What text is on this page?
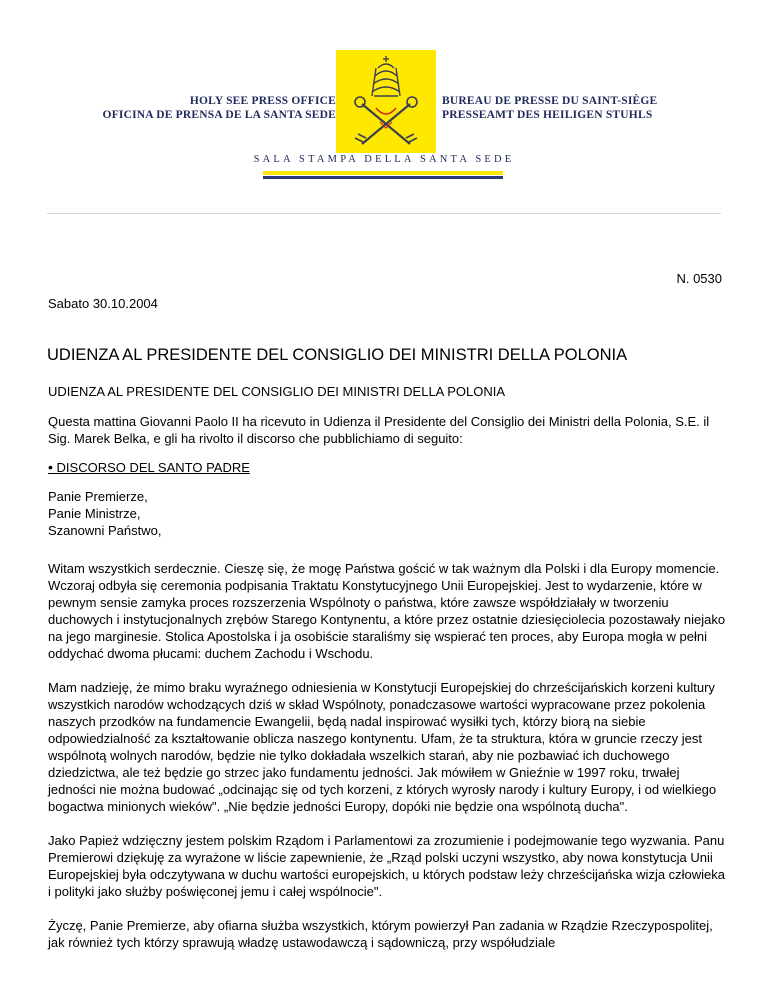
HOLY SEE PRESS OFFICE
OFICINA DE PRENSA DE LA SANTA SEDE
BUREAU DE PRESSE DU SAINT-SIÈGE
PRESSEAMT DES HEILIGEN STUHLS
SALA STAMPA DELLA SANTA SEDE
N. 0530
Sabato 30.10.2004
UDIENZA AL PRESIDENTE DEL CONSIGLIO DEI MINISTRI DELLA POLONIA

UDIENZA AL PRESIDENTE DEL CONSIGLIO DEI MINISTRI DELLA POLONIA

Questa mattina Giovanni Paolo II ha ricevuto in Udienza il Presidente del Consiglio dei Ministri della Polonia, S.E. il Sig. Marek Belka, e gli ha rivolto il discorso che pubblichiamo di seguito:

• DISCORSO DEL SANTO PADRE

Panie Premierze,
Panie Ministrze,
Szanowni Państwo,

Witam wszystkich serdecznie. Cieszę się, że mogę Państwa gościć w tak ważnym dla Polski i dla Europy momencie. Wczoraj odbyła się ceremonia podpisania Traktatu Konstytucyjnego Unii Europejskiej. Jest to wydarzenie, które w pewnym sensie zamyka proces rozszerzenia Wspólnoty o państwa, które zawsze współdziałały w tworzeniu duchowych i instytucjonalnych zrębów Starego Kontynentu, a które przez ostatnie dziesięciolecia pozostawały niejako na jego marginesie. Stolica Apostolska i ja osobiście staraliśmy się wspierać ten proces, aby Europa mogła w pełni oddychać dwoma płucami: duchem Zachodu i Wschodu.

Mam nadzieję, że mimo braku wyraźnego odniesienia w Konstytucji Europejskiej do chrześcijańskich korzeni kultury wszystkich narodów wchodzących dziś w skład Wspólnoty, ponadczasowe wartości wypracowane przez pokolenia naszych przodków na fundamencie Ewangelii, będą nadal inspirować wysiłki tych, którzy biorą na siebie odpowiedzialność za kształtowanie oblicza naszego kontynentu. Ufam, że ta struktura, która w gruncie rzeczy jest wspólnotą wolnych narodów, będzie nie tylko dokładała wszelkich starań, aby nie pozbawiać ich duchowego dziedzictwa, ale też będzie go strzec jako fundamentu jedności. Jak mówiłem w Gnieźnie w 1997 roku, trwałej jedności nie można budować „odcinając się od tych korzeni, z których wyrosły narody i kultury Europy, i od wielkiego bogactwa minionych wieków". „Nie będzie jedności Europy, dopóki nie będzie ona wspólnotą ducha".

Jako Papież wdzięczny jestem polskim Rządom i Parlamentowi za zrozumienie i podejmowanie tego wyzwania. Panu Premierowi dziękuję za wyrażone w liście zapewnienie, że „Rząd polski uczyni wszystko, aby nowa konstytucja Unii Europejskiej była odczytywana w duchu wartości europejskich, u których podstaw leży chrześcijańska wizja człowieka i polityki jako służby poświęconej jemu i całej wspólnocie".

Życzę, Panie Premierze, aby ofiarna służba wszystkich, którym powierzył Pan zadania w Rządzie Rzeczypospolitej, jak również tych którzy sprawują władzę ustawodawczą i sądowniczą, przy współudziale
